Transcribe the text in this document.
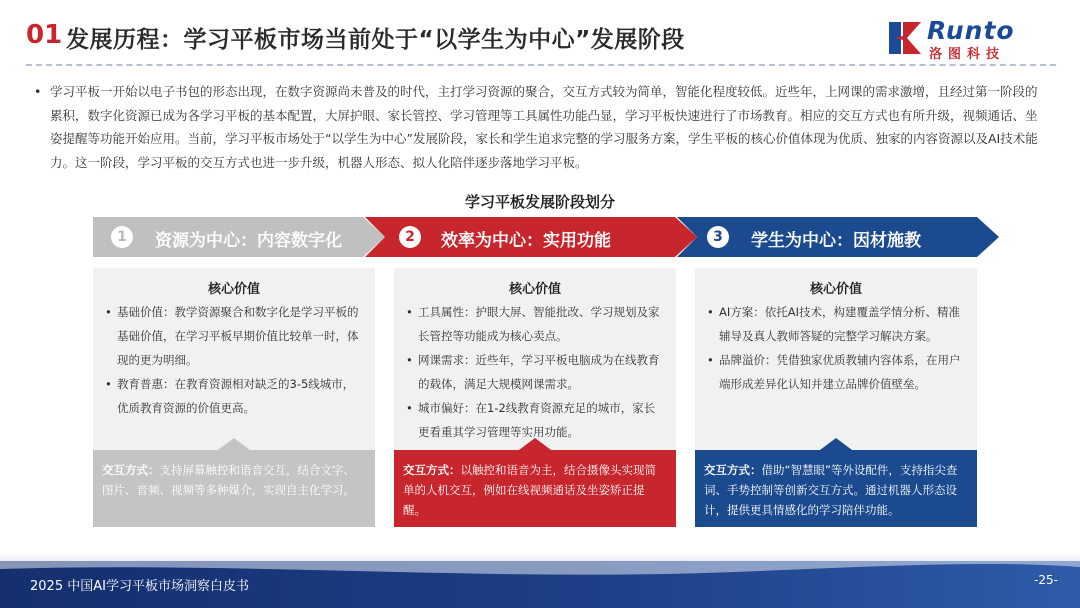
01 发展历程：学习平板市场当前处于“以学生为中心”发展阶段	Runto
洛图科技
• 学习平板一开始以电子书包的形态出现，在数字资源尚未普及的时代，主打学习资源的聚合，交互方式较为简单，智能化程度较低。近些年，上网课的需求激增，且经过第一阶段的累积，数字化资源已成为各学习平板的基本配置，大屏护眼、家长管控、学习管理等工具属性功能凸显，学习平板快速进行了市场教育。相应的交互方式也有所升级，视频通话、坐姿提醒等功能开始应用。当前，学习平板市场处于“以学生为中心”发展阶段，家长和学生追求完整的学习服务方案，学生平板的核心价值体现为优质、独家的内容资源以及AI技术能力。这一阶段，学习平板的交互方式也进一步升级，机器人形态、拟人化陪伴逐步落地学习平板。
学习平板发展阶段划分
1	资源为中心：内容数字化	2	效率为中心：实用功能	3	学生为中心：因材施教
核心价值
• 基础价值：教学资源聚合和数字化是学习平板的基础价值，在学习平板早期价值比较单一时，体现的更为明细。
• 教育普惠：在教育资源相对缺乏的3-5线城市，优质教育资源的价值更高。
交互方式：支持屏幕触控和语音交互，结合文字、图片、音频、视频等多种媒介，实现自主化学习。
核心价值
• 工具属性：护眼大屏、智能批改、学习规划及家长管控等功能成为核心卖点。
• 网课需求：近些年，学习平板电脑成为在线教育的载体，满足大规模网课需求。
• 城市偏好：在1-2线教育资源充足的城市，家长更看重其学习管理等实用功能。
交互方式：以触控和语音为主，结合摄像头实现简单的人机交互，例如在线视频通话及坐姿矫正提醒。
核心价值
• AI方案：依托AI技术，构建覆盖学情分析、精准辅导及真人教师答疑的完整学习解决方案。
• 品牌溢价：凭借独家优质教辅内容体系，在用户端形成差异化认知并建立品牌价值壁垒。
交互方式：借助“智慧眼”等外设配件，支持指尖查词、手势控制等创新交互方式。通过机器人形态设计，提供更具情感化的学习陪伴功能。
2025 中国AI学习平板市场洞察白皮书	-25-
